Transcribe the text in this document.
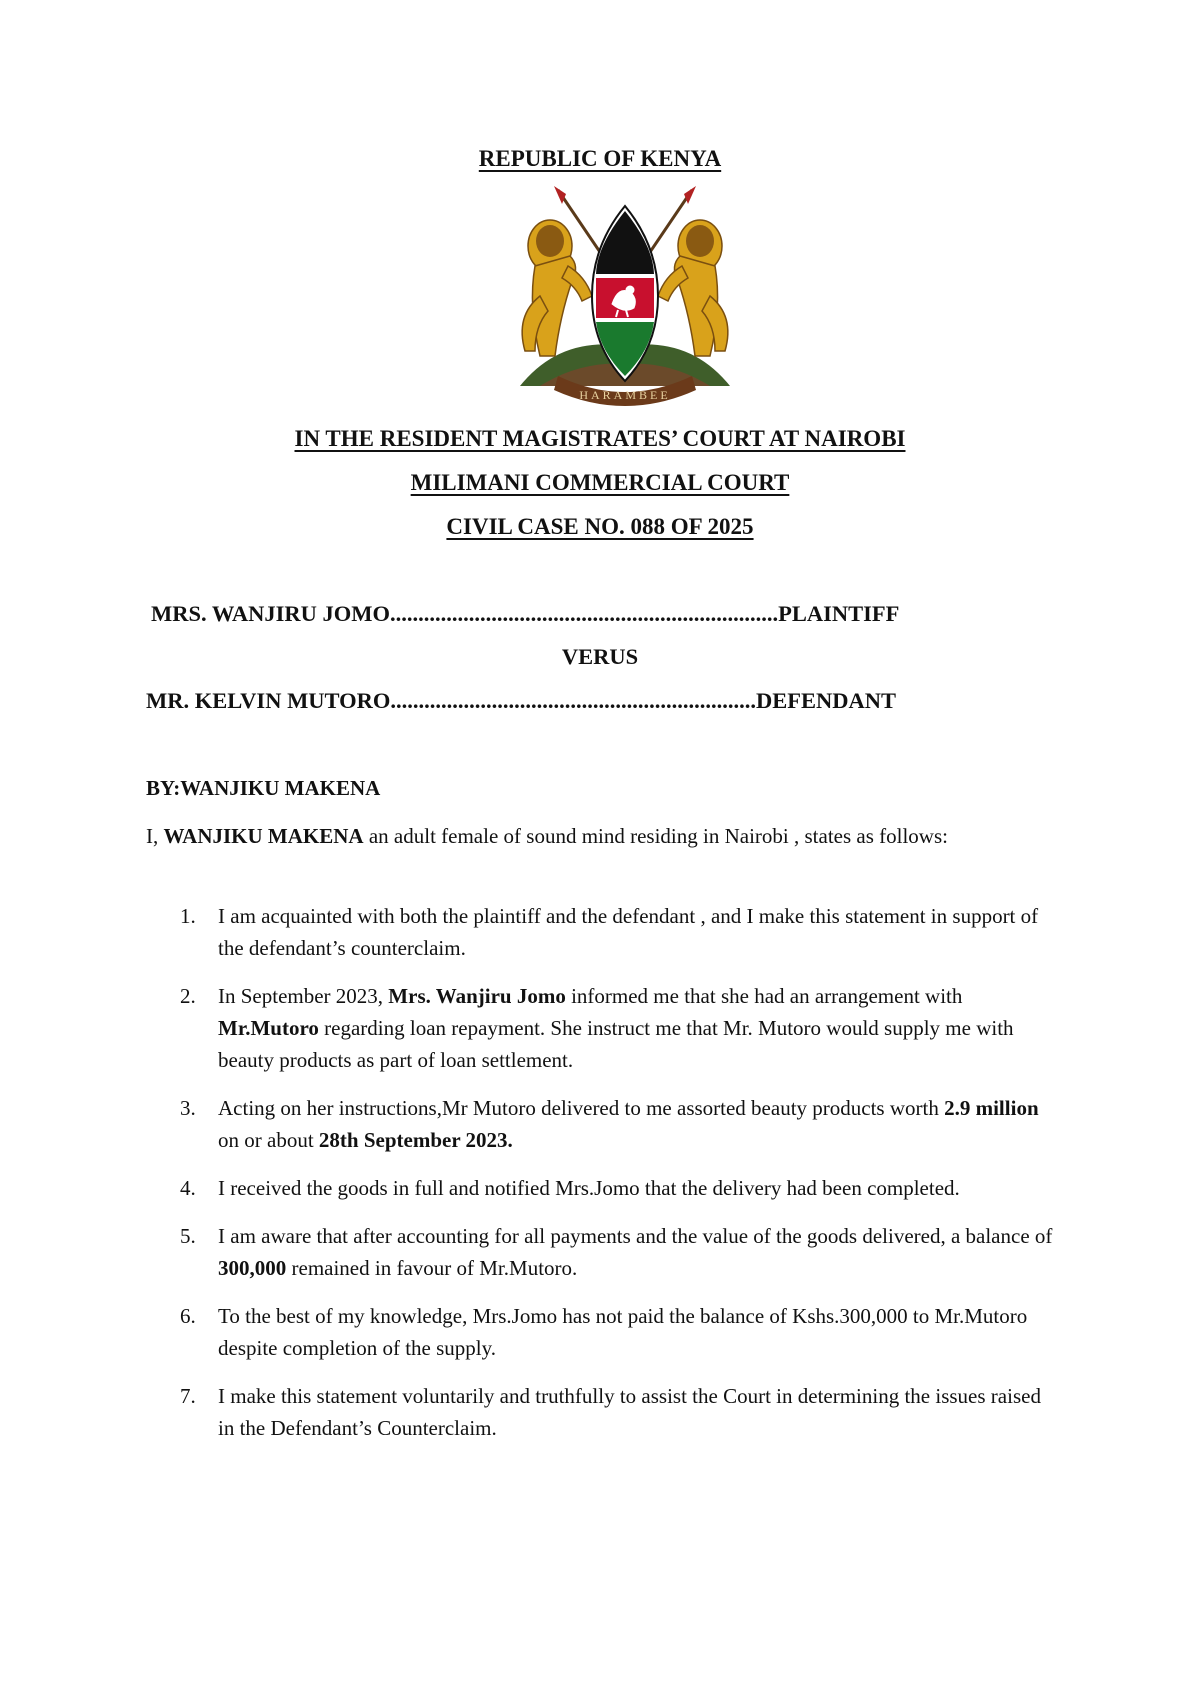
REPUBLIC OF KENYA
HARAMBEE
IN THE RESIDENT MAGISTRATES’ COURT AT NAIROBI
MILIMANI COMMERCIAL COURT
CIVIL CASE NO. 088 OF 2025
MRS. WANJIRU JOMO.....................................................................PLAINTIFF
VERUS
MR. KELVIN MUTORO.................................................................DEFENDANT
BY:WANJIKU MAKENA
I, WANJIKU MAKENA an adult female of sound mind residing in Nairobi , states as follows:

1. I am acquainted with both the plaintiff and the defendant , and I make this statement in support of the defendant’s counterclaim.

2. In September 2023, Mrs. Wanjiru Jomo informed me that she had an arrangement with Mr.Mutoro regarding loan repayment. She instruct me that Mr. Mutoro would supply me with beauty products as part of loan settlement.

3. Acting on her instructions,Mr Mutoro delivered to me assorted beauty products worth 2.9 million on or about 28th September 2023.

4. I received the goods in full and notified Mrs.Jomo that the delivery had been completed.

5. I am aware that after accounting for all payments and the value of the goods delivered, a balance of 300,000 remained in favour of Mr.Mutoro.

6. To the best of my knowledge, Mrs.Jomo has not paid the balance of Kshs.300,000 to Mr.Mutoro despite completion of the supply.

7. I make this statement voluntarily and truthfully to assist the Court in determining the issues raised in the Defendant’s Counterclaim.
